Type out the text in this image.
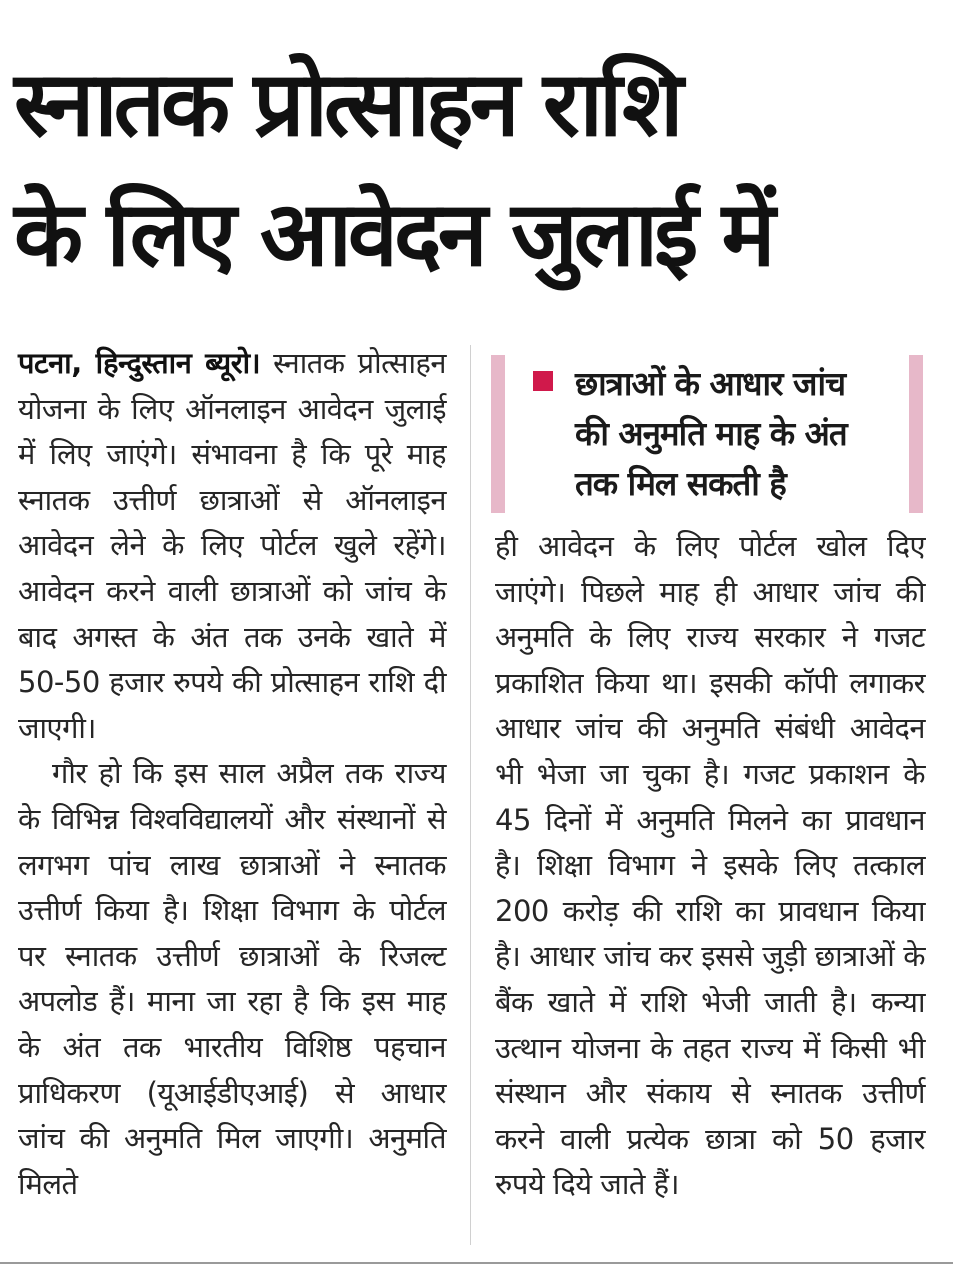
स्नातक प्रोत्साहन राशि
के लिए आवेदन जुलाई में

पटना, हिन्दुस्तान ब्यूरो। स्नातक प्रोत्साहन योजना के लिए ऑनलाइन आवेदन जुलाई में लिए जाएंगे। संभावना है कि पूरे माह स्नातक उत्तीर्ण छात्राओं से ऑनलाइन आवेदन लेने के लिए पोर्टल खुले रहेंगे। आवेदन करने वाली छात्राओं को जांच के बाद अगस्त के अंत तक उनके खाते में 50-50 हजार रुपये की प्रोत्साहन राशि दी जाएगी।

गौर हो कि इस साल अप्रैल तक राज्य के विभिन्न विश्वविद्यालयों और संस्थानों से लगभग पांच लाख छात्राओं ने स्नातक उत्तीर्ण किया है। शिक्षा विभाग के पोर्टल पर स्नातक उत्तीर्ण छात्राओं के रिजल्ट अपलोड हैं। माना जा रहा है कि इस माह के अंत तक भारतीय विशिष्ठ पहचान प्राधिकरण (यूआईडीएआई) से आधार जांच की अनुमति मिल जाएगी। अनुमति मिलते

छात्राओं के आधार जांच
की अनुमति माह के अंत
तक मिल सकती है

ही आवेदन के लिए पोर्टल खोल दिए जाएंगे। पिछले माह ही आधार जांच की अनुमति के लिए राज्य सरकार ने गजट प्रकाशित किया था। इसकी कॉपी लगाकर आधार जांच की अनुमति संबंधी आवेदन भी भेजा जा चुका है। गजट प्रकाशन के 45 दिनों में अनुमति मिलने का प्रावधान है। शिक्षा विभाग ने इसके लिए तत्काल 200 करोड़ की राशि का प्रावधान किया है। आधार जांच कर इससे जुड़ी छात्राओं के बैंक खाते में राशि भेजी जाती है। कन्या उत्थान योजना के तहत राज्य में किसी भी संस्थान और संकाय से स्नातक उत्तीर्ण करने वाली प्रत्येक छात्रा को 50 हजार रुपये दिये जाते हैं।
